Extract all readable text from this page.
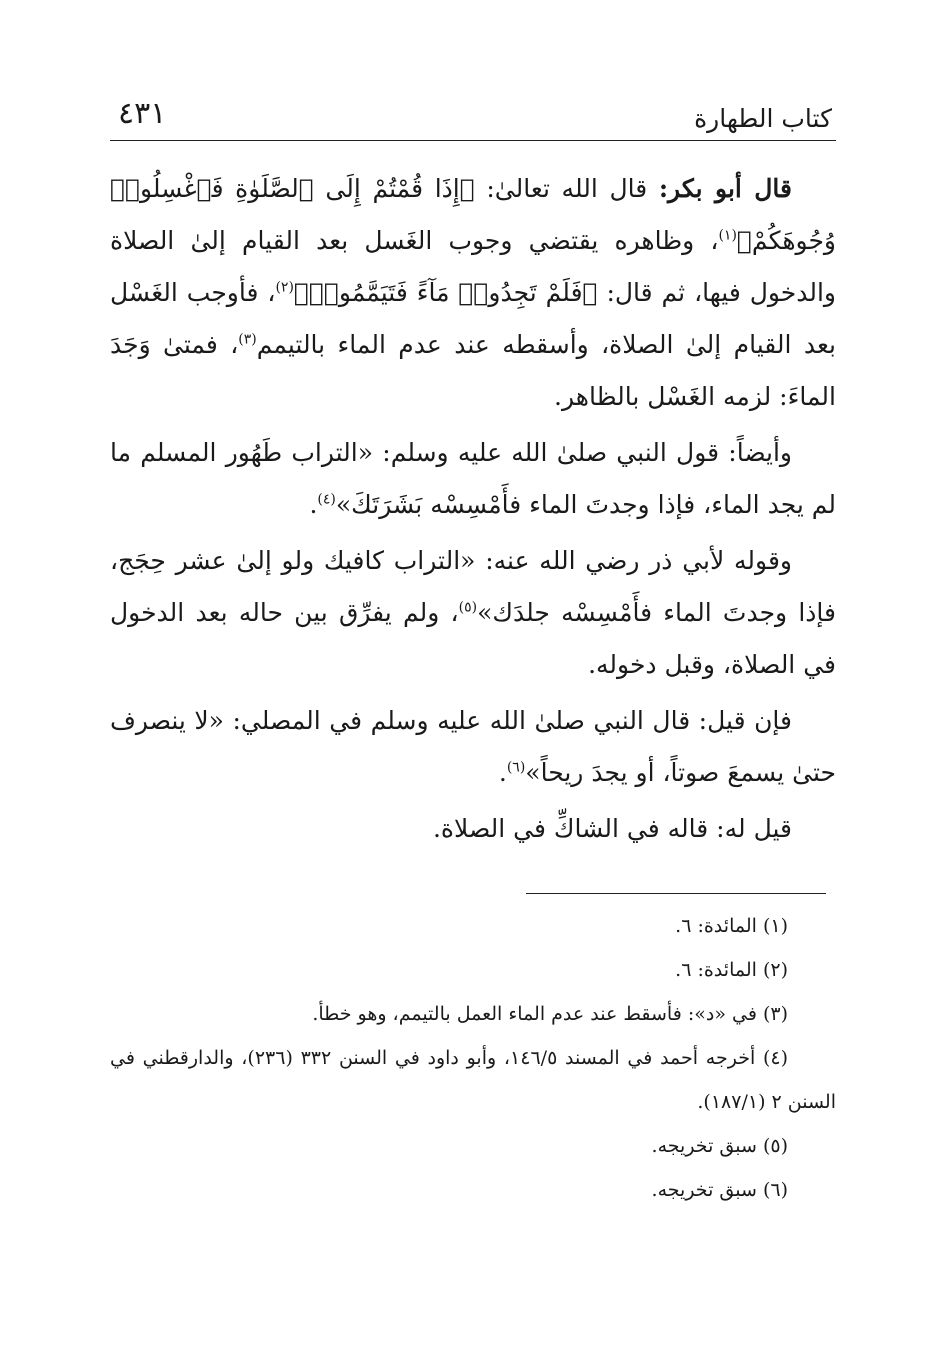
كتاب الطهارة
٤٣١

قال أبو بكر: قال الله تعالىٰ: ﴿إِذَا قُمْتُمْ إِلَى ٱلصَّلَوٰةِ فَٱغْسِلُوا۟ وُجُوهَكُمْ﴾$^{(١)}$، وظاهره يقتضي وجوب الغَسل بعد القيام إلىٰ الصلاة والدخول فيها، ثم قال: ﴿فَلَمْ تَجِدُوا۟ مَآءً فَتَيَمَّمُوا۟﴾$^{(٢)}$، فأوجب الغَسْل بعد القيام إلىٰ الصلاة، وأسقطه عند عدم الماء بالتيمم$^{(٣)}$، فمتىٰ وَجَدَ الماءَ: لزمه الغَسْل بالظاهر.

وأيضاً: قول النبي صلىٰ الله عليه وسلم: «التراب طَهُور المسلم ما لم يجد الماء، فإذا وجدتَ الماء فأَمْسِسْه بَشَرَتَكَ»$^{(٤)}$.

وقوله لأبي ذر رضي الله عنه: «التراب كافيك ولو إلىٰ عشر حِجَج، فإذا وجدتَ الماء فأَمْسِسْه جلدَك»$^{(٥)}$، ولم يفرِّق بين حاله بعد الدخول في الصلاة، وقبل دخوله.

فإن قيل: قال النبي صلىٰ الله عليه وسلم في المصلي: «لا ينصرف حتىٰ يسمعَ صوتاً، أو يجدَ ريحاً»$^{(٦)}$.

قيل له: قاله في الشاكِّ في الصلاة.

(١) المائدة: ٦.

(٢) المائدة: ٦.

(٣) في «د»: فأسقط عند عدم الماء العمل بالتيمم، وهو خطأ.

(٤) أخرجه أحمد في المسند ١٤٦/٥، وأبو داود في السنن ٣٣٢ (٢٣٦)، والدارقطني في السنن ٢ (١٨٧/١).

(٥) سبق تخريجه.

(٦) سبق تخريجه.
